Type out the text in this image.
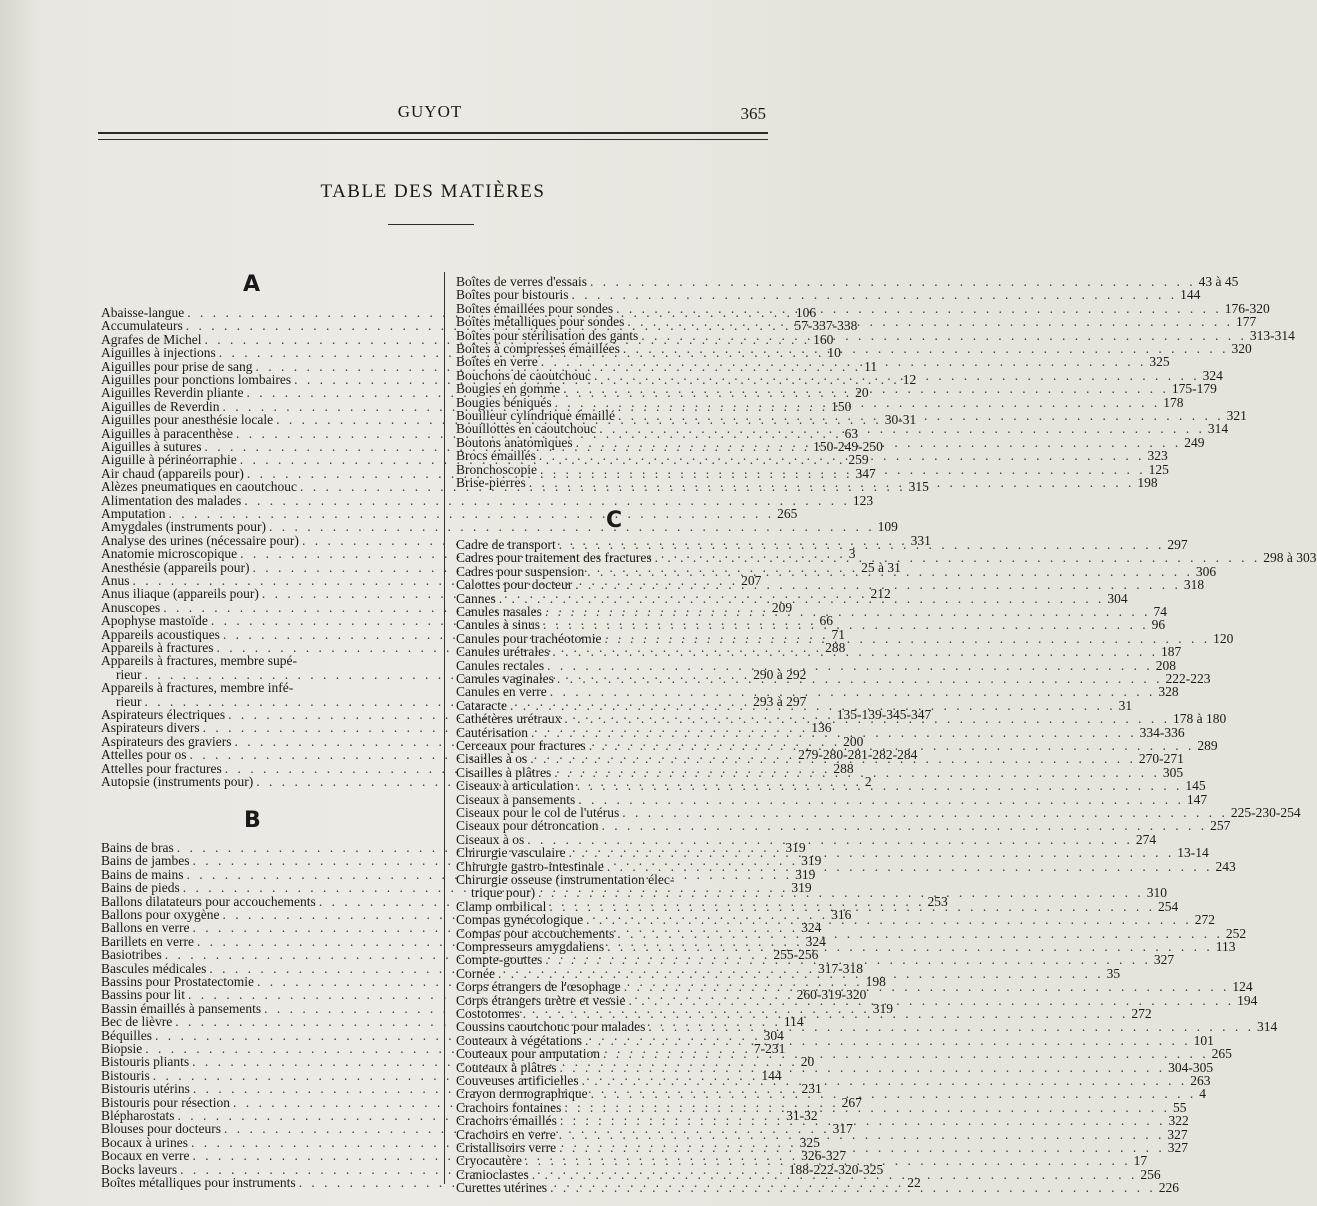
GUYOT	365
TABLE DES MATIÈRES
A
Abaisse-langue . . .	106
Accumulateurs . . .	57-337-338
Agrafes de Michel . . .	160
Aiguilles à injections . . .	10
Aiguilles pour prise de sang . . .	11
Aiguilles pour ponctions lombaires . . .	12
Aiguilles Reverdin pliante . . .	20
Aiguilles de Reverdin . . .	150
Aiguilles pour anesthésie locale . . .	30-31
Aiguilles à paracenthèse . . .	63
Aiguilles à sutures . . .	150-249-250
Aiguille à périnéorraphie . . .	259
Air chaud (appareils pour) . . .	347
Alèzes pneumatiques en caoutchouc . . .	315
Alimentation des malades . . .	123
Amputation . . .	265
Amygdales (instruments pour) . . .	109
Analyse des urines (nécessaire pour) . . .	331
Anatomie microscopique . . .	3
Anesthésie (appareils pour) . . .	25 à 31
Anus . . .	207
Anus iliaque (appareils pour) . . .	212
Anuscopes . . .	209
Apophyse mastoïde . . .	66
Appareils acoustiques . . .	71
Appareils à fractures . . .	288
Appareils à fractures, membre supé-
rieur . . .	290 à 292
Appareils à fractures, membre infé-
rieur . . .	293 à 297
Aspirateurs électriques . . .	135-139-345-347
Aspirateurs divers . . .	136
Aspirateurs des graviers . . .	200
Attelles pour os . . .	279-280-281-282-284
Attelles pour fractures . . .	288
Autopsie (instruments pour) . . .	2
B
Bains de bras . . .	319
Bains de jambes . . .	319
Bains de mains . . .	319
Bains de pieds . . .	319
Ballons dilatateurs pour accouchements . . .	253
Ballons pour oxygène . . .	316
Ballons en verre . . .	324
Barillets en verre . . .	324
Basiotribes . . .	255-256
Bascules médicales . . .	317-318
Bassins pour Prostatectomie . . .	198
Bassins pour lit . . .	260-319-320
Bassin émaillés à pansements . . .	319
Bec de lièvre . . .	114
Béquilles . . .	304
Biopsie . . .	7-231
Bistouris pliants . . .	20
Bistouris . . .	144
Bistouris utérins . . .	231
Bistouris pour résection . . .	267
Blépharostats . . .	31-32
Blouses pour docteurs . . .	317
Bocaux à urines . . .	325
Bocaux en verre . . .	326-327
Bocks laveurs . . .	188-222-320-325
Boîtes métalliques pour instruments . . .	22
Boîtes de verres d'essais . . .	43 à 45
Boîtes pour bistouris . . .	144
Boîtes émaillées pour sondes . . .	176-320
Boîtes métalliques pour sondes . . .	177
Boîtes pour stérilisation des gants . . .	313-314
Boîtes à compresses émaillées . . .	320
Boîtes en verre . . .	325
Bouchons de caoutchouc . . .	324
Bougies en gomme . . .	175-179
Bougies béniqués . . .	178
Bouilleur cylindrique émaillé . . .	321
Bouillottes en caoutchouc . . .	314
Boutons anatomiques . . .	249
Brocs émaillés . . .	323
Bronchoscopie . . .	125
Brise-pierres . . .	198
C
Cadre de transport . . .	297
Cadres pour traitement des fractures . . .	298 à 303
Cadres pour suspension . . .	306
Calottes pour docteur . . .	318
Cannes . . .	304
Canules nasales . . .	74
Canules à sinus . . .	96
Canules pour trachéotomie . . .	120
Canules urétrales . . .	187
Canules rectales . . .	208
Canules vaginales . . .	222-223
Canules en verre . . .	328
Cataracte . . .	31
Cathétères urétraux . . .	178 à 180
Cautérisation . . .	334-336
Cerceaux pour fractures . . .	289
Cisailles à os . . .	270-271
Cisailles à plâtres . . .	305
Ciseaux à articulation . . .	145
Ciseaux à pansements . . .	147
Ciseaux pour le col de l'utérus . . .	225-230-254
Ciseaux pour détroncation . . .	257
Ciseaux à os . . .	274
Chirurgie vasculaire . . .	13-14
Chirurgie gastro-intestinale . . .	243
Chirurgie osseuse (instrumentation élec-
trique pour) . . .	310
Clamp ombilical . . .	254
Compas gynécologique . . .	272
Compas pour accouchements . . .	252
Compresseurs amygdaliens . . .	113
Compte-gouttes . . .	327
Cornée . . .	35
Corps étrangers de l'œsophage . . .	124
Corps étrangers urètre et vessie . . .	194
Costotomes . . .	272
Coussins caoutchouc pour malades . . .	314
Couteaux à végétations . . .	101
Couteaux pour amputation . . .	265
Couteaux à plâtres . . .	304-305
Couveuses artificielles . . .	263
Crayon dermographique . . .	4
Crachoirs fontaines . . .	55
Crachoirs émaillés . . .	322
Crachoirs en verre . . .	327
Cristallisoirs verre . . .	327
Cryocautère . . .	17
Cranioclastes . . .	256
Curettes utérines . . .	226
